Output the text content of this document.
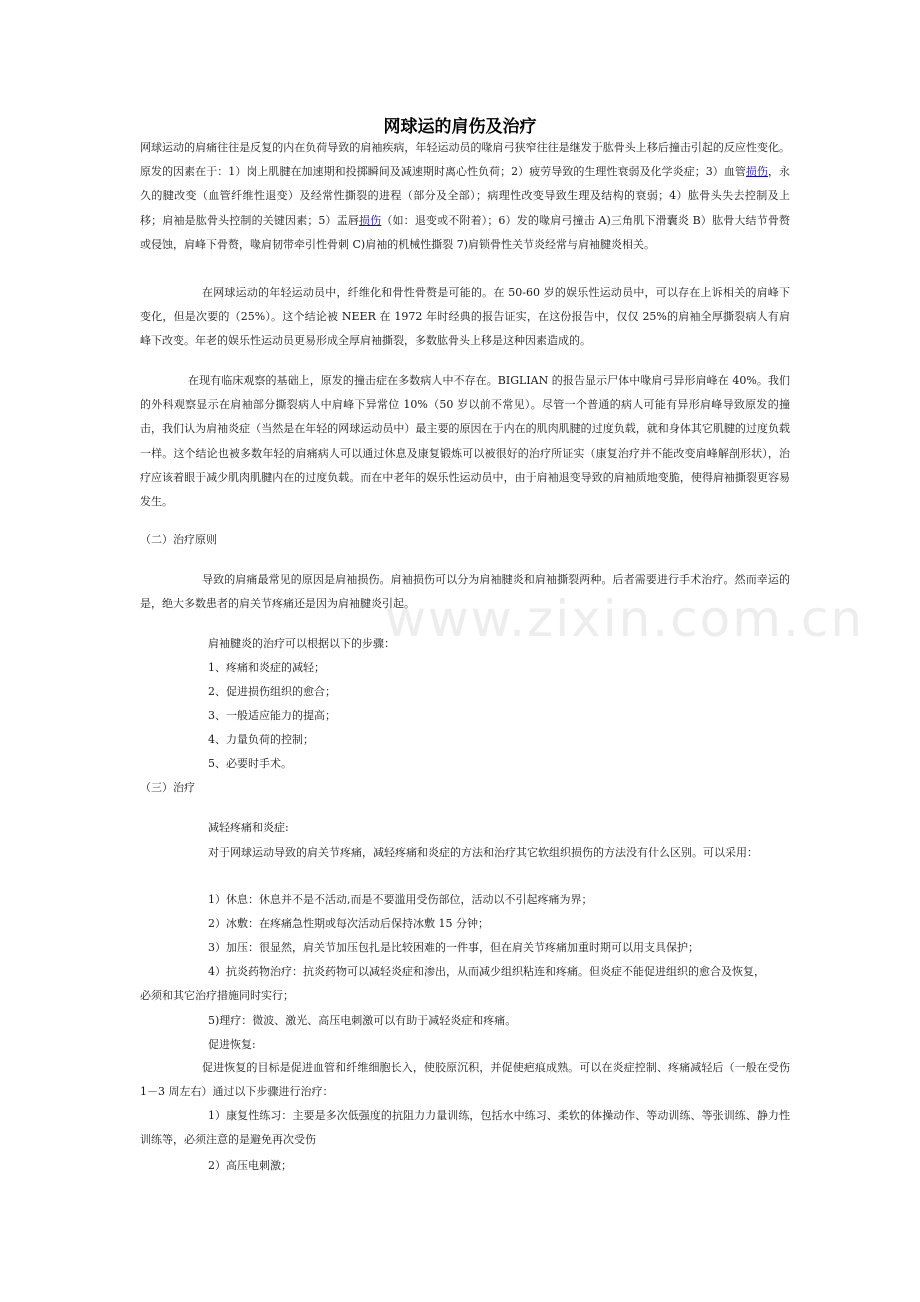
www.zixin.com.cn
网球运的肩伤及治疗

网球运动的肩痛往往是反复的内在负荷导致的肩袖疾病，年轻运动员的喙肩弓狭窄往往是继发于肱骨头上移后撞击引起的反应性变化。原发的因素在于：1）岗上肌腱在加速期和投掷瞬间及减速期时离心性负荷；2）疲劳导致的生理性衰弱及化学炎症；3）血管损伤，永久的腱改变（血管纤维性退变）及经常性撕裂的进程（部分及全部）；病理性改变导致生理及结构的衰弱；4）肱骨头失去控制及上移；肩袖是肱骨头控制的关键因素；5）盂唇损伤（如：退变或不附着）；6）发的喙肩弓撞击 A)三角肌下滑囊炎 B）肱骨大结节骨赘或侵蚀，肩峰下骨赘，喙肩韧带牵引性骨刺 C)肩袖的机械性撕裂 7)肩锁骨性关节炎经常与肩袖腱炎相关。

在网球运动的年轻运动员中，纤维化和骨性骨赘是可能的。在 50-60 岁的娱乐性运动员中，可以存在上诉相关的肩峰下变化，但是次要的（25%）。这个结论被 NEER 在 1972 年时经典的报告证实，在这份报告中，仅仅 25%的肩袖全厚撕裂病人有肩峰下改变。年老的娱乐性运动员更易形成全厚肩袖撕裂，多数肱骨头上移是这种因素造成的。

在现有临床观察的基础上，原发的撞击症在多数病人中不存在。BIGLIAN 的报告显示尸体中喙肩弓异形肩峰在 40%。我们的外科观察显示在肩袖部分撕裂病人中肩峰下异常位 10%（50 岁以前不常见）。尽管一个普通的病人可能有异形肩峰导致原发的撞击，我们认为肩袖炎症（当然是在年轻的网球运动员中）最主要的原因在于内在的肌肉肌腱的过度负载，就和身体其它肌腱的过度负载一样。这个结论也被多数年轻的肩痛病人可以通过休息及康复锻炼可以被很好的治疗所证实（康复治疗并不能改变肩峰解剖形状），治疗应该着眼于减少肌肉肌腱内在的过度负载。而在中老年的娱乐性运动员中，由于肩袖退变导致的肩袖质地变脆，使得肩袖撕裂更容易发生。

（二）治疗原则

导致的肩痛最常见的原因是肩袖损伤。肩袖损伤可以分为肩袖腱炎和肩袖撕裂两种。后者需要进行手术治疗。然而幸运的是，绝大多数患者的肩关节疼痛还是因为肩袖腱炎引起。

肩袖腱炎的治疗可以根据以下的步骤：
1、疼痛和炎症的减轻；
2、促进损伤组织的愈合；
3、一般适应能力的提高；
4、力量负荷的控制；
5、必要时手术。
（三）治疗
减轻疼痛和炎症:
对于网球运动导致的肩关节疼痛，减轻疼痛和炎症的方法和治疗其它软组织损伤的方法没有什么区别。可以采用：
1）休息：休息并不是不活动,而是不要滥用受伤部位，活动以不引起疼痛为界；
2）冰敷：在疼痛急性期或每次活动后保持冰敷 15 分钟；
3）加压：很显然，肩关节加压包扎是比较困难的一件事，但在肩关节疼痛加重时期可以用支具保护；
4）抗炎药物治疗：抗炎药物可以减轻炎症和渗出，从而减少组织粘连和疼痛。但炎症不能促进组织的愈合及恢复，
必须和其它治疗措施同时实行；
5)理疗：微波、激光、高压电刺激可以有助于减轻炎症和疼痛。
促进恢复:

促进恢复的目标是促进血管和纤维细胞长入，使胶原沉积，并促使疤痕成熟。可以在炎症控制、疼痛减轻后（一般在受伤 1－3 周左右）通过以下步骤进行治疗：

1）康复性练习：主要是多次低强度的抗阻力力量训练，包括水中练习、柔软的体操动作、等动训练、等张训练、静力性训练等，必须注意的是避免再次受伤

2）高压电刺激；
